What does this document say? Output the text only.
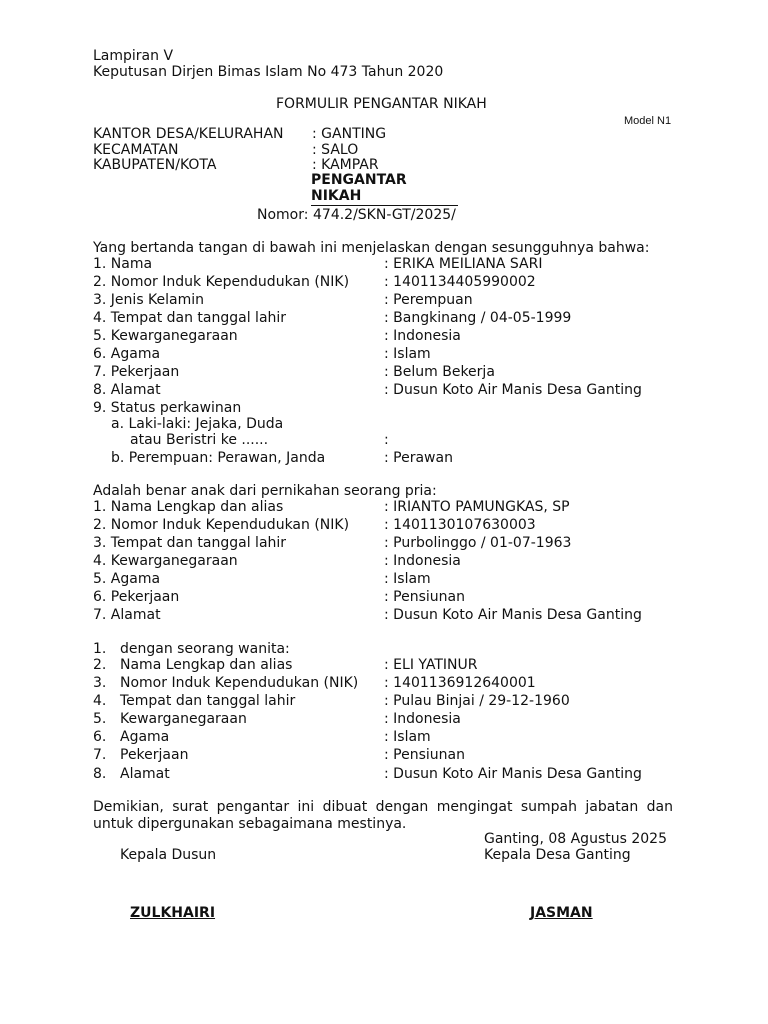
Lampiran V
Keputusan Dirjen Bimas Islam No 473 Tahun 2020
FORMULIR PENGANTAR NIKAH
Model N1
KANTOR DESA/KELURAHAN : GANTING
KECAMATAN	: SALO
KABUPATEN/KOTA	: KAMPAR
PENGANTAR
NIKAH
Nomor: 474.2/SKN-GT/2025/
Yang bertanda tangan di bawah ini menjelaskan dengan sesungguhnya bahwa:
1. Nama	: ERIKA MEILIANA SARI
2. Nomor Induk Kependudukan (NIK) : 1401134405990002
3. Jenis Kelamin	: Perempuan
4. Tempat dan tanggal lahir	: Bangkinang / 04-05-1999
5. Kewarganegaraan	: Indonesia
6. Agama	: Islam
7. Pekerjaan	: Belum Bekerja
8. Alamat	: Dusun Koto Air Manis Desa Ganting
9. Status perkawinan
a. Laki-laki: Jejaka, Duda
atau Beristri ke ......	:
b. Perempuan: Perawan, Janda	: Perawan
Adalah benar anak dari pernikahan seorang pria:
1. Nama Lengkap dan alias	: IRIANTO PAMUNGKAS, SP
2. Nomor Induk Kependudukan (NIK) : 1401130107630003
3. Tempat dan tanggal lahir	: Purbolinggo / 01-07-1963
4. Kewarganegaraan	: Indonesia
5. Agama	: Islam
6. Pekerjaan	: Pensiunan
7. Alamat	: Dusun Koto Air Manis Desa Ganting
1. dengan seorang wanita:
2. Nama Lengkap dan alias	: ELI YATINUR
3. Nomor Induk Kependudukan (NIK) : 1401136912640001
4. Tempat dan tanggal lahir	: Pulau Binjai / 29-12-1960
5. Kewarganegaraan	: Indonesia
6. Agama	: Islam
7. Pekerjaan	: Pensiunan
8. Alamat	: Dusun Koto Air Manis Desa Ganting
Demikian, surat pengantar ini dibuat dengan mengingat sumpah jabatan dan untuk dipergunakan sebagaimana mestinya.
Ganting, 08 Agustus 2025
Kepala Dusun	Kepala Desa Ganting
ZULKHAIRI	JASMAN
